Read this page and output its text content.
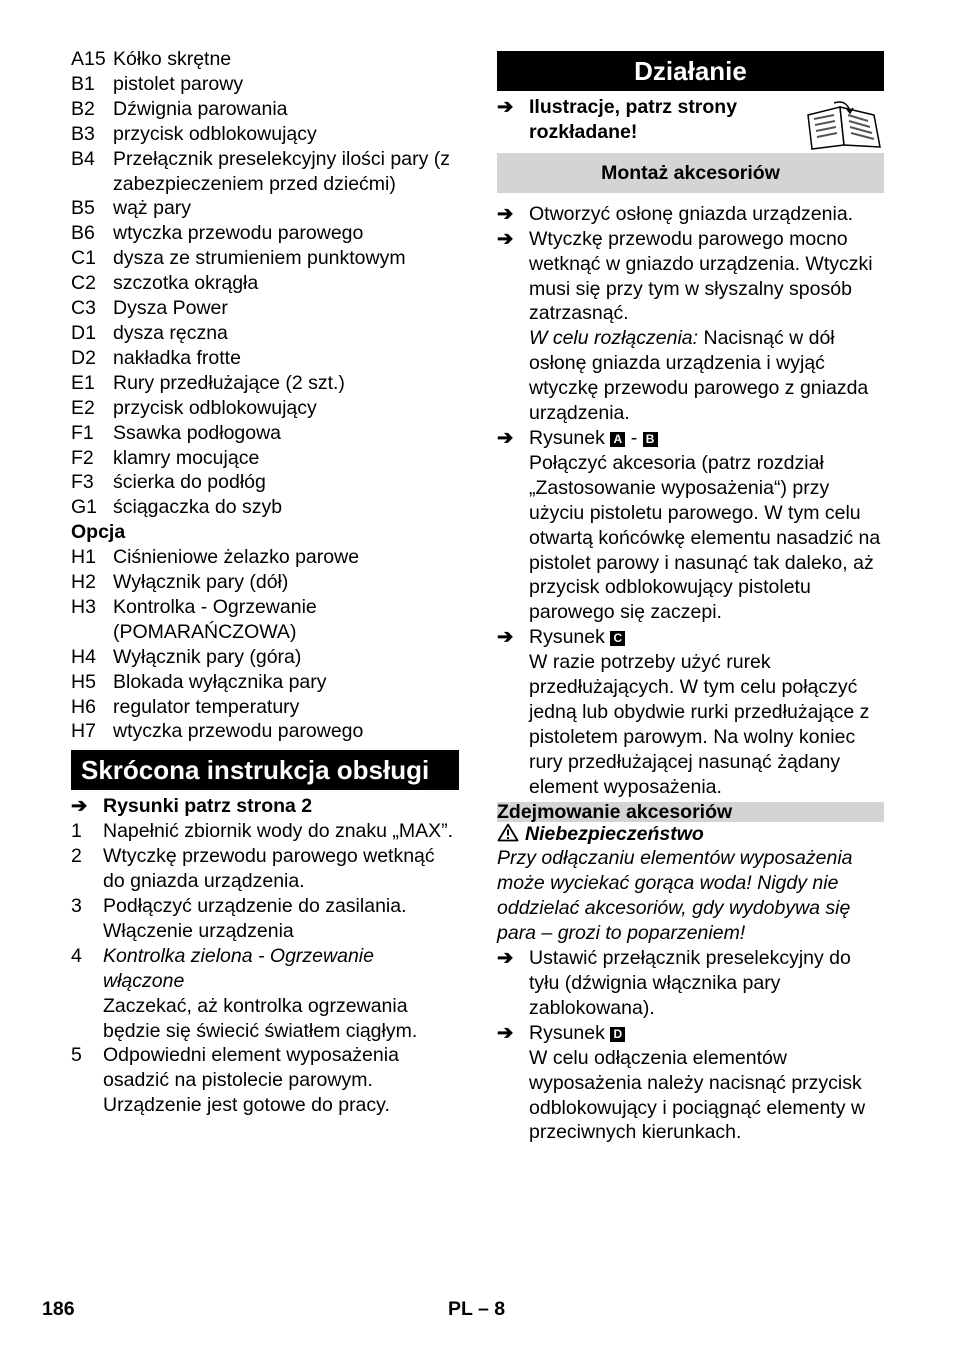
A15 Kółko skrętne
B1 pistolet parowy
B2 Dźwignia parowania
B3 przycisk odblokowujący
B4 Przełącznik preselekcyjny ilości pary (z zabezpieczeniem przed dziećmi)
B5 wąż pary
B6 wtyczka przewodu parowego
C1 dysza ze strumieniem punktowym
C2 szczotka okrągła
C3 Dysza Power
D1 dysza ręczna
D2 nakładka frotte
E1 Rury przedłużające (2 szt.)
E2 przycisk odblokowujący
F1 Ssawka podłogowa
F2 klamry mocujące
F3 ścierka do podłóg
G1 ściągaczka do szyb
Opcja
H1 Ciśnieniowe żelazko parowe
H2 Wyłącznik pary (dół)
H3 Kontrolka - Ogrzewanie (POMARAŃCZOWA)
H4 Wyłącznik pary (góra)
H5 Blokada wyłącznika pary
H6 regulator temperatury
H7 wtyczka przewodu parowego
Skrócona instrukcja obsługi
➔ Rysunki patrz strona 2
1	Napełnić zbiornik wody do znaku „MAX”.
2	Wtyczkę przewodu parowego wetknąć do gniazda urządzenia.
3	Podłączyć urządzenie do zasilania. Włączenie urządzenia
4	Kontrolka zielona - Ogrzewanie włączone
Zaczekać, aż kontrolka ogrzewania będzie się świecić światłem ciągłym.
5	Odpowiedni element wyposażenia osadzić na pistolecie parowym. Urządzenie jest gotowe do pracy.
Działanie
➔ Ilustracje, patrz strony rozkładane!
Montaż akcesoriów
➔ Otworzyć osłonę gniazda urządzenia.
➔ Wtyczkę przewodu parowego mocno wetknąć w gniazdo urządzenia. Wtyczki musi się przy tym w słyszalny sposób zatrzasnąć.
W celu rozłączenia: Nacisnąć w dół osłonę gniazda urządzenia i wyjąć wtyczkę przewodu parowego z gniazda urządzenia.
➔ Rysunek A - B
Połączyć akcesoria (patrz rozdział „Zastosowanie wyposażenia“) przy użyciu pistoletu parowego. W tym celu otwartą końcówkę elementu nasadzić na pistolet parowy i nasunąć tak daleko, aż przycisk odblokowujący pistoletu parowego się zaczepi.
➔ Rysunek C
W razie potrzeby użyć rurek przedłużających. W tym celu połączyć jedną lub obydwie rurki przedłużające z pistoletem parowym. Na wolny koniec rury przedłużającej nasunąć żądany element wyposażenia.
Zdejmowanie akcesoriów
Niebezpieczeństwo
Przy odłączaniu elementów wyposażenia może wyciekać gorąca woda! Nigdy nie oddzielać akcesoriów, gdy wydobywa się para – grozi to poparzeniem!
➔ Ustawić przełącznik preselekcyjny do tyłu (dźwignia włącznika pary zablokowana).
➔ Rysunek D
W celu odłączenia elementów wyposażenia należy nacisnąć przycisk odblokowujący i pociągnąć elementy w przeciwnych kierunkach.
186	PL – 8
